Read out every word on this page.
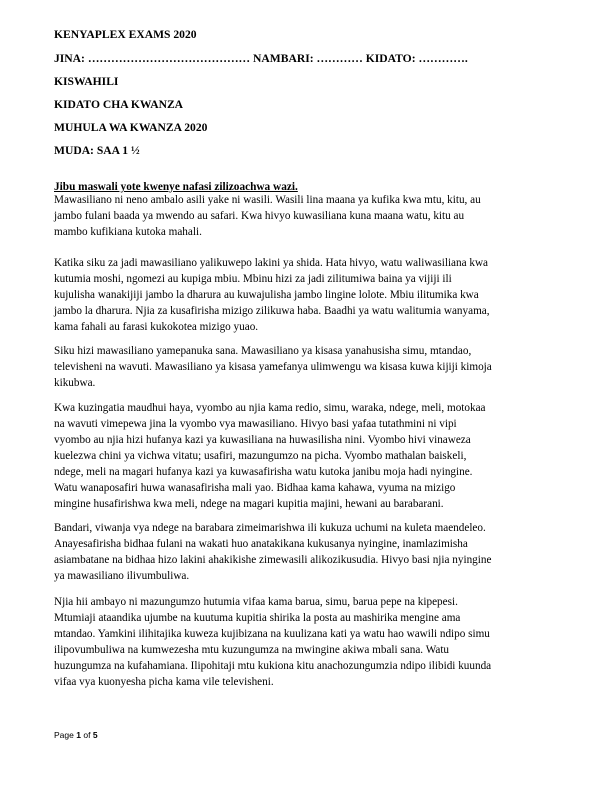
KENYAPLEX EXAMS 2020
JINA: …………………………………… NAMBARI: ………… KIDATO: ………….
KISWAHILI
KIDATO CHA KWANZA
MUHULA WA KWANZA 2020
MUDA: SAA 1 ½
Jibu maswali yote kwenye nafasi zilizoachwa wazi.
Mawasiliano ni neno ambalo asili yake ni wasili. Wasili lina maana ya kufika kwa mtu, kitu, au
jambo fulani baada ya mwendo au safari. Kwa hivyo kuwasiliana kuna maana watu, kitu au
mambo kufikiana kutoka mahali.
Katika siku za jadi mawasiliano yalikuwepo lakini ya shida. Hata hivyo, watu waliwasiliana kwa
kutumia moshi, ngomezi au kupiga mbiu. Mbinu hizi za jadi zilitumiwa baina ya vijiji ili
kujulisha wanakijiji jambo la dharura au kuwajulisha jambo lingine lolote. Mbiu ilitumika kwa
jambo la dharura. Njia za kusafirisha mizigo zilikuwa haba. Baadhi ya watu walitumia wanyama,
kama fahali au farasi kukokotea mizigo yuao.
Siku hizi mawasiliano yamepanuka sana. Mawasiliano ya kisasa yanahusisha simu, mtandao,
televisheni na wavuti. Mawasiliano ya kisasa yamefanya ulimwengu wa kisasa kuwa kijiji kimoja
kikubwa.
Kwa kuzingatia maudhui haya, vyombo au njia kama redio, simu, waraka, ndege, meli, motokaa
na wavuti vimepewa jina la vyombo vya mawasiliano. Hivyo basi yafaa tutathmini ni vipi
vyombo au njia hizi hufanya kazi ya kuwasiliana na huwasilisha nini. Vyombo hivi vinaweza
kuelezwa chini ya vichwa vitatu; usafiri, mazungumzo na picha. Vyombo mathalan baiskeli,
ndege, meli na magari hufanya kazi ya kuwasafirisha watu kutoka janibu moja hadi nyingine.
Watu wanaposafiri huwa wanasafirisha mali yao. Bidhaa kama kahawa, vyuma na mizigo
mingine husafirishwa kwa meli, ndege na magari kupitia majini, hewani au barabarani.
Bandari, viwanja vya ndege na barabara zimeimarishwa ili kukuza uchumi na kuleta maendeleo.
Anayesafirisha bidhaa fulani na wakati huo anatakikana kukusanya nyingine, inamlazimisha
asiambatane na bidhaa hizo lakini ahakikishe zimewasili alikozikusudia. Hivyo basi njia nyingine
ya mawasiliano ilivumbuliwa.
Njia hii ambayo ni mazungumzo hutumia vifaa kama barua, simu, barua pepe na kipepesi.
Mtumiaji ataandika ujumbe na kuutuma kupitia shirika la posta au mashirika mengine ama
mtandao. Yamkini ilihitajika kuweza kujibizana na kuulizana kati ya watu hao wawili ndipo simu
ilipovumbuliwa na kumwezesha mtu kuzungumza na mwingine akiwa mbali sana. Watu
huzungumza na kufahamiana. Ilipohitaji mtu kukiona kitu anachozungumzia ndipo ilibidi kuunda
vifaa vya kuonyesha picha kama vile televisheni.
Page 1 of 5
